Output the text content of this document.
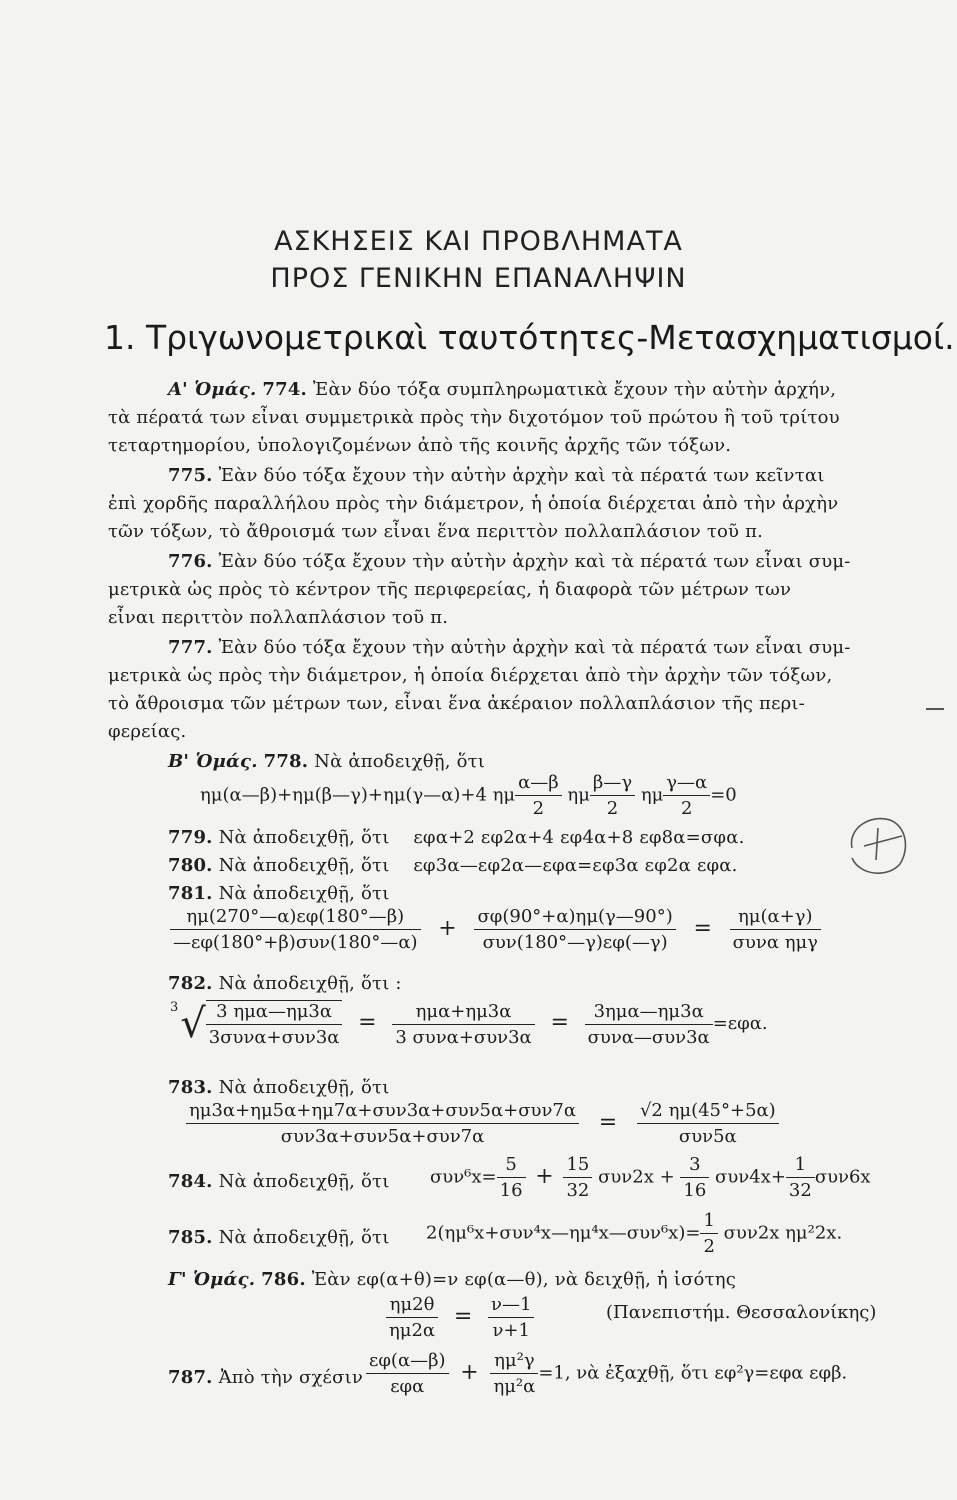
ΑΣΚΗΣΕΙΣ ΚΑΙ ΠΡΟΒΛΗΜΑΤΑ
ΠΡΟΣ ΓΕΝΙΚΗΝ ΕΠΑΝΑΛΗΨΙΝ
1. Τριγωνομετρικαὶ ταυτότητες-Μετασχηματισμοί.
Α' Ὁμάς. 774. Ἐὰν δύο τόξα συμπληρωματικὰ ἔχουν τὴν αὐτὴν ἀρχήν,
τὰ πέρατά των εἶναι συμμετρικὰ πρὸς τὴν διχοτόμον τοῦ πρώτου ἢ τοῦ τρίτου
τεταρτημορίου, ὑπολογιζομένων ἀπὸ τῆς κοινῆς ἀρχῆς τῶν τόξων.
775. Ἐὰν δύο τόξα ἔχουν τὴν αὐτὴν ἀρχὴν καὶ τὰ πέρατά των κεῖνται
ἐπὶ χορδῆς παραλλήλου πρὸς τὴν διάμετρον, ἡ ὁποία διέρχεται ἀπὸ τὴν ἀρχὴν
τῶν τόξων, τὸ ἄθροισμά των εἶναι ἕνα περιττὸν πολλαπλάσιον τοῦ π.
776. Ἐὰν δύο τόξα ἔχουν τὴν αὐτὴν ἀρχὴν καὶ τὰ πέρατά των εἶναι συμ-
μετρικὰ ὡς πρὸς τὸ κέντρον τῆς περιφερείας, ἡ διαφορὰ τῶν μέτρων των
εἶναι περιττὸν πολλαπλάσιον τοῦ π.
777. Ἐὰν δύο τόξα ἔχουν τὴν αὐτὴν ἀρχὴν καὶ τὰ πέρατά των εἶναι συμ-
μετρικὰ ὡς πρὸς τὴν διάμετρον, ἡ ὁποία διέρχεται ἀπὸ τὴν ἀρχὴν τῶν τόξων,
τὸ ἄθροισμα τῶν μέτρων των, εἶναι ἕνα ἀκέραιον πολλαπλάσιον τῆς περι-
φερείας.
Β' Ὁμάς. 778. Νὰ ἀποδειχθῇ, ὅτι
ημ(α—β)+ημ(β—γ)+ημ(γ—α)+4 ημ $\frac{\alpha—\beta}{2}$ ημ $\frac{\beta—\gamma}{2}$ ημ $\frac{\gamma—\alpha}{2} =0$
779. Νὰ ἀποδειχθῇ, ὅτι εφα+2 εφ2α+4 εφ4α+8 εφ8α=σφα.
780. Νὰ ἀποδειχθῇ, ὅτι εφ3α—εφ2α—εφα=εφ3α εφ2α εφα.
781. Νὰ ἀποδειχθῇ, ὅτι
$\frac{\eta\mu(270^\circ—\alpha)\varepsilon\varphi(180^\circ—\beta)}{\text{—εφ(180°+β)συν(180°—α)}} + \frac{\sigma\varphi(90^\circ+\alpha)\eta\mu(\gamma—90^\circ)}{\text{συν(180°—γ)εφ(—γ)}} = \frac{\eta\mu(\alpha+\gamma)}{\text{συνα ημγ}}$
782. Νὰ ἀποδειχθῇ, ὅτι :
$^3√ \frac{\text{3 ημα—ημ3α}}{\text{3συνα+συν3α}} = \frac{\text{ημα+ημ3α}}{\text{3 συνα+συν3α}} = \frac{\text{3ημα—ημ3α}}{\text{συνα—συν3α}} =\varepsilon\varphi\alpha$.
783. Νὰ ἀποδειχθῇ, ὅτι
$\frac{\text{ημ3α+ημ5α+ημ7α+συν3α+συν5α+συν7α}}{\text{συν3α+συν5α+συν7α}} = \frac{√2 \eta\mu(45^\circ+5\alpha)}{\text{συν5α}}$
784. Νὰ ἀποδειχθῇ, ὅτι	$\sigma\upsilon\nu^6x= \frac{5}{16} + \frac{15}{32} \sigma\upsilon\nu 2x + \frac{3}{16} \sigma\upsilon\nu 4x+ \frac{1}{32} \sigma\upsilon\nu 6x$
785. Νὰ ἀποδειχθῇ, ὅτι	2(ημ⁶x+συν⁴x—ημ⁴x—συν⁶x)= $\frac{1}{2} \sigma\upsilon\nu 2x$ ημ²2x.
Γ' Ὁμάς. 786. Ἐὰν εφ(α+θ)=ν εφ(α—θ), νὰ δειχθῇ, ἡ ἰσότης
$\frac{\eta\mu 2\theta}{\eta\mu 2\alpha} = \frac{\nu—1}{\nu+1}$	(Πανεπιστήμ. Θεσσαλονίκης)
787. Ἀπὸ τὴν σχέσιν $\frac{\varepsilon\varphi(\alpha—\beta)}{\text{εφα}} + \frac{\text{ημ²γ}}{\text{ημ²α}} =1$, νὰ ἐξαχθῇ, ὅτι εφ²γ=εφα εφβ.
